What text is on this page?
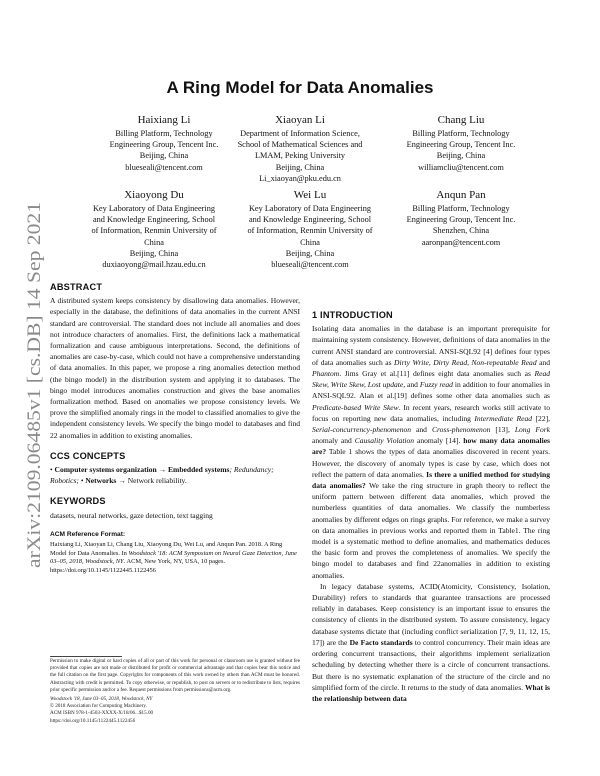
arXiv:2109.06485v1 [cs.DB] 14 Sep 2021
A Ring Model for Data Anomalies
Haixiang Li
Billing Platform, Technology
Engineering Group, Tencent Inc.
Beijing, China
blueseali@tencent.com
Xiaoyan Li
Department of Information Science,
School of Mathematical Sciences and
LMAM, Peking University
Beijing, China
Li_xiaoyan@pku.edu.cn
Chang Liu
Billing Platform, Technology
Engineering Group, Tencent Inc.
Beijing, China
williamcliu@tencent.com
Xiaoyong Du
Key Laboratory of Data Engineering
and Knowledge Engineering, School
of Information, Renmin University of
China
Beijing, China
duxiaoyong@mail.hzau.edu.cn
Wei Lu
Key Laboratory of Data Engineering
and Knowledge Engineering, School
of Information, Renmin University of
China
Beijing, China
blueseali@tencent.com
Anqun Pan
Billing Platform, Technology
Engineering Group, Tencent Inc.
Shenzhen, China
aaronpan@tencent.com
ABSTRACT

A distributed system keeps consistency by disallowing data anomalies. However, especially in the database, the definitions of data anomalies in the current ANSI standard are controversial. The standard does not include all anomalies and does not introduce characters of anomalies. First, the definitions lack a mathematical formalization and cause ambiguous interpretations. Second, the definitions of anomalies are case-by-case, which could not have a comprehensive understanding of data anomalies. In this paper, we propose a ring anomalies detection method (the bingo model) in the distribution system and applying it to databases. The bingo model introduces anomalies construction and gives the base anomalies formalization method. Based on anomalies we propose consistency levels. We prove the simplified anomaly rings in the model to classified anomalies to give the independent consistency levels. We specify the bingo model to databases and find 22 anomalies in addition to existing anomalies.

CCS CONCEPTS

• Computer systems organization → Embedded systems; Redundancy; Robotics; • Networks → Network reliability.

KEYWORDS

datasets, neural networks, gaze detection, text tagging

ACM Reference Format:

Haixiang Li, Xiaoyan Li, Chang Liu, Xiaoyong Du, Wei Lu, and Anqun Pan. 2018. A Ring Model for Data Anomalies. In Woodstock '18: ACM Symposium on Neural Gaze Detection, June 03–05, 2018, Woodstock, NY. ACM, New York, NY, USA, 10 pages. https://doi.org/10.1145/1122445.1122456

Permission to make digital or hard copies of all or part of this work for personal or classroom use is granted without fee provided that copies are not made or distributed for profit or commercial advantage and that copies bear this notice and the full citation on the first page. Copyrights for components of this work owned by others than ACM must be honored. Abstracting with credit is permitted. To copy otherwise, or republish, to post on servers or to redistribute to lists, requires prior specific permission and/or a fee. Request permissions from permissions@acm.org.

Woodstock '18, June 03–05, 2018, Woodstock, NY

© 2018 Association for Computing Machinery.

ACM ISBN 978-1-4503-XXXX-X/18/06...$15.00

https://doi.org/10.1145/1122445.1122456

1 INTRODUCTION

Isolating data anomalies in the database is an important prerequisite for maintaining system consistency. However, definitions of data anomalies in the current ANSI standard are controversial. ANSI-SQL92 [4] defines four types of data anomalies such as Dirty Write, Dirty Read, Non-repeatable Read and Phantom. Jims Gray et al.[11] defines eight data anomalies such as Read Skew, Write Skew, Lost update, and Fuzzy read in addition to four anomalies in ANSI-SQL92. Alan et al.[19] defines some other data anomalies such as Predicate-based Write Skew. In recent years, research works still activate to focus on reporting new data anomalies, including Intermediate Read [22], Serial-concurrency-phenomenon and Cross-phenomenon [13], Long Fork anomaly and Causality Violation anomaly [14]. how many data anomalies are? Table 1 shows the types of data anomalies discovered in recent years. However, the discovery of anomaly types is case by case, which does not reflect the pattern of data anomalies. Is there a unified method for studying data anomalies? We take the ring structure in graph theory to reflect the uniform pattern between different data anomalies, which proved the numberless quantities of data anomalies. We classify the numberless anomalies by different edges on rings graphs. For reference, we make a survey on data anomalies in previous works and reported them in Table1. The ring model is a systematic method to define anomalies, and mathematics deduces the basic form and proves the completeness of anomalies. We specify the bingo model to databases and find 22anomalies in addition to existing anomalies.

In legacy database systems, ACID(Atomicity, Consistency, Isolation, Durability) refers to standards that guarantee transactions are processed reliably in databases. Keep consistency is an important issue to ensures the consistency of clients in the distributed system. To assure consistency, legacy database systems dictate that (including conflict serialization [7, 9, 11, 12, 15, 17]) are the De Facto standards to control concurrency. Their main ideas are ordering concurrent transactions, their algorithms implement serialization scheduling by detecting whether there is a circle of concurrent transactions. But there is no systematic explanation of the structure of the circle and no simplified form of the circle. It returns to the study of data anomalies. What is the relationship between data
